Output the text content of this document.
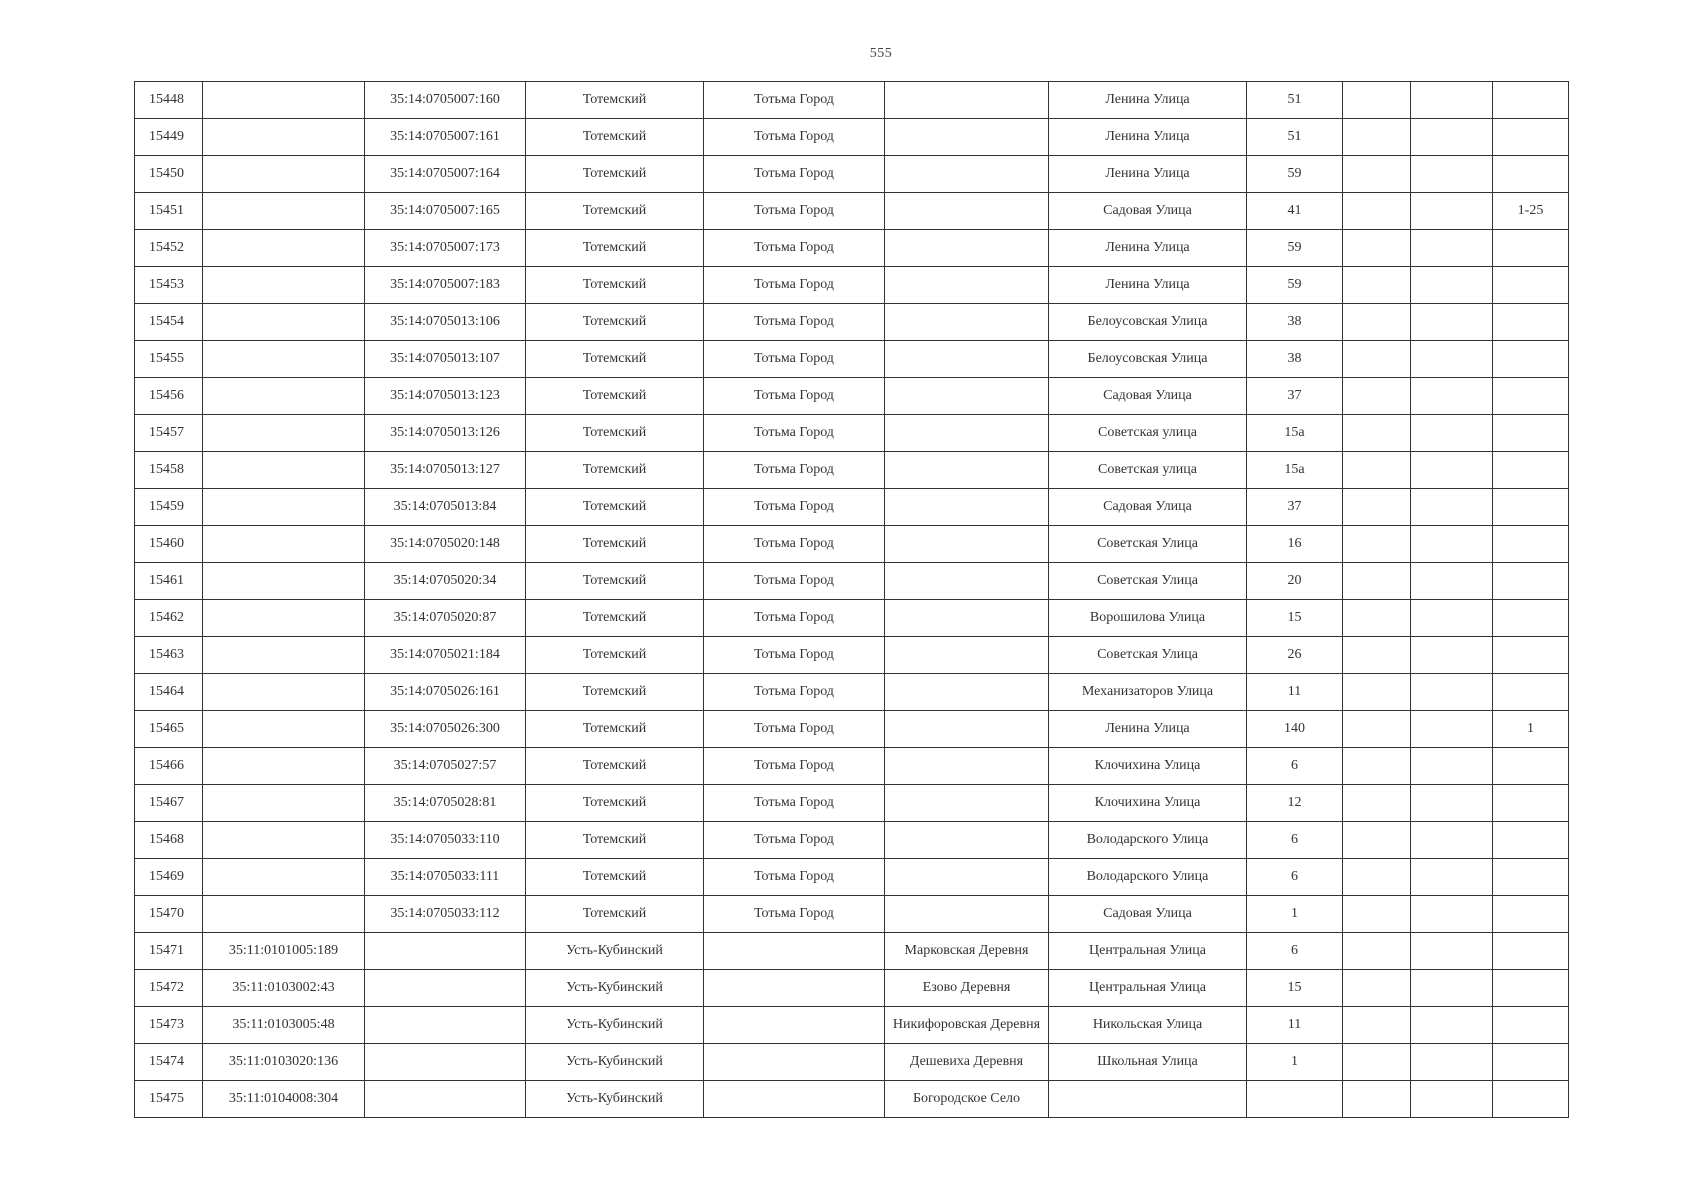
555
15448		35:14:0705007:160	Тотемский	Тотьма Город		Ленина Улица	51			
15449		35:14:0705007:161	Тотемский	Тотьма Город		Ленина Улица	51			
15450		35:14:0705007:164	Тотемский	Тотьма Город		Ленина Улица	59			
15451		35:14:0705007:165	Тотемский	Тотьма Город		Садовая Улица	41			1-25
15452		35:14:0705007:173	Тотемский	Тотьма Город		Ленина Улица	59			
15453		35:14:0705007:183	Тотемский	Тотьма Город		Ленина Улица	59			
15454		35:14:0705013:106	Тотемский	Тотьма Город		Белоусовская Улица	38			
15455		35:14:0705013:107	Тотемский	Тотьма Город		Белоусовская Улица	38			
15456		35:14:0705013:123	Тотемский	Тотьма Город		Садовая Улица	37			
15457		35:14:0705013:126	Тотемский	Тотьма Город		Советская улица	15а			
15458		35:14:0705013:127	Тотемский	Тотьма Город		Советская улица	15а			
15459		35:14:0705013:84	Тотемский	Тотьма Город		Садовая Улица	37			
15460		35:14:0705020:148	Тотемский	Тотьма Город		Советская Улица	16			
15461		35:14:0705020:34	Тотемский	Тотьма Город		Советская Улица	20			
15462		35:14:0705020:87	Тотемский	Тотьма Город		Ворошилова Улица	15			
15463		35:14:0705021:184	Тотемский	Тотьма Город		Советская Улица	26			
15464		35:14:0705026:161	Тотемский	Тотьма Город		Механизаторов Улица	11			
15465		35:14:0705026:300	Тотемский	Тотьма Город		Ленина Улица	140			1
15466		35:14:0705027:57	Тотемский	Тотьма Город		Клочихина Улица	6			
15467		35:14:0705028:81	Тотемский	Тотьма Город		Клочихина Улица	12			
15468		35:14:0705033:110	Тотемский	Тотьма Город		Володарского Улица	6			
15469		35:14:0705033:111	Тотемский	Тотьма Город		Володарского Улица	6			
15470		35:14:0705033:112	Тотемский	Тотьма Город		Садовая Улица	1			
15471	35:11:0101005:189		Усть-Кубинский		Марковская Деревня	Центральная Улица	6			
15472	35:11:0103002:43		Усть-Кубинский		Езово Деревня	Центральная Улица	15			
15473	35:11:0103005:48		Усть-Кубинский		Никифоровская Деревня	Никольская Улица	11			
15474	35:11:0103020:136		Усть-Кубинский		Дешевиха Деревня	Школьная Улица	1			
15475	35:11:0104008:304		Усть-Кубинский		Богородское Село					
